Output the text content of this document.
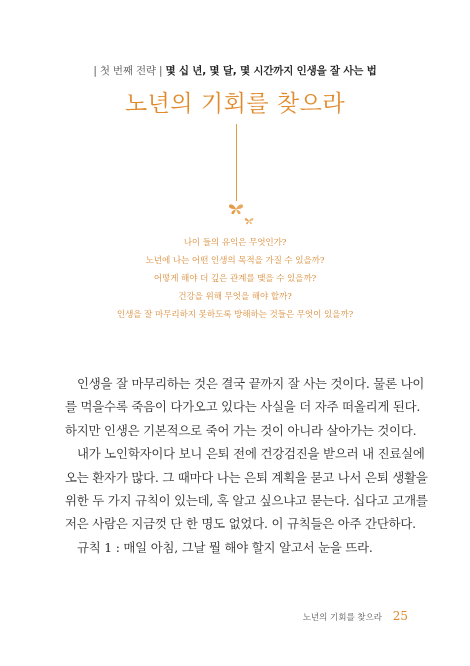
| 첫 번째 전략 | 몇 십 년, 몇 달, 몇 시간까지 인생을 잘 사는 법
노년의 기회를 찾으라
나이 들의 유익은 무엇인가?
노년에 나는 어떤 인생의 목적을 가질 수 있을까?
어떻게 해야 더 깊은 관계를 맺을 수 있을까?
건강을 위해 무엇을 해야 할까?
인생을 잘 마무리하지 못하도록 방해하는 것들은 무엇이 있을까?

인생을 잘 마무리하는 것은 결국 끝까지 잘 사는 것이다. 물론 나이

를 먹을수록 죽음이 다가오고 있다는 사실을 더 자주 떠올리게 된다.

하지만 인생은 기본적으로 죽어 가는 것이 아니라 살아가는 것이다.

내가 노인학자이다 보니 은퇴 전에 건강검진을 받으러 내 진료실에

오는 환자가 많다. 그 때마다 나는 은퇴 계획을 묻고 나서 은퇴 생활을

위한 두 가지 규칙이 있는데, 혹 알고 싶으냐고 묻는다. 십다고 고개를

저은 사람은 지금껏 단 한 명도 없었다. 이 규칙들은 아주 간단하다.

규칙 1 : 매일 아침, 그날 뭘 해야 할지 알고서 눈을 뜨라.

노년의 기회를 찾으라 25
